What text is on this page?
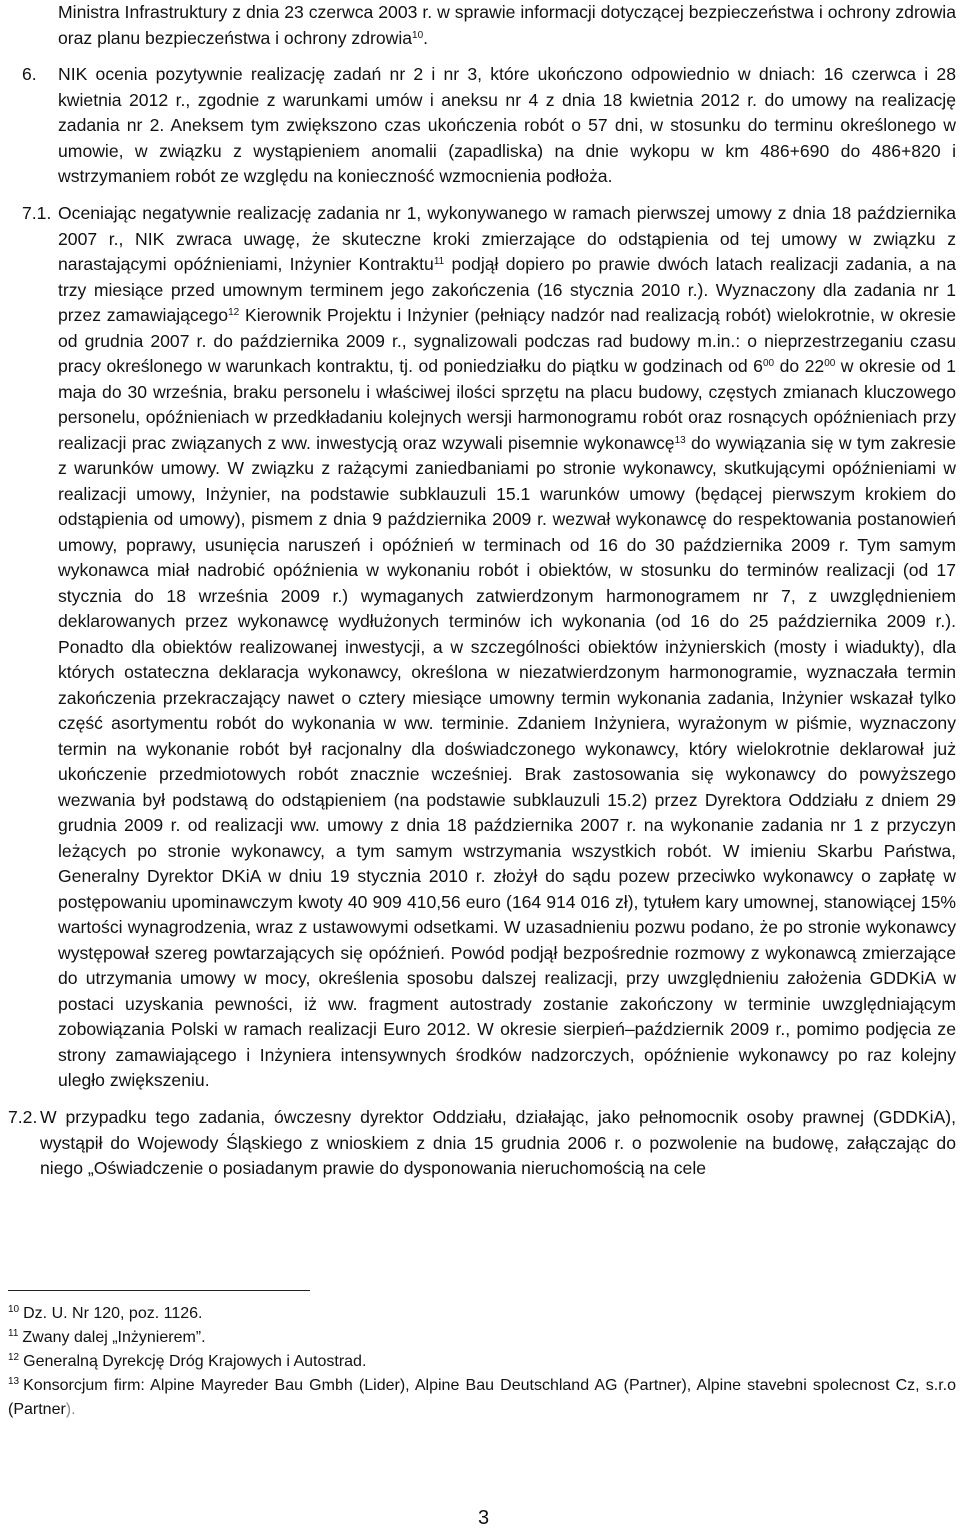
Ministra Infrastruktury z dnia 23 czerwca 2003 r. w sprawie informacji dotyczącej bezpieczeństwa i ochrony zdrowia oraz planu bezpieczeństwa i ochrony zdrowia$^{10}$.

6. NIK ocenia pozytywnie realizację zadań nr 2 i nr 3, które ukończono odpowiednio w dniach: 16 czerwca i 28 kwietnia 2012 r., zgodnie z warunkami umów i aneksu nr 4 z dnia 18 kwietnia 2012 r. do umowy na realizację zadania nr 2. Aneksem tym zwiększono czas ukończenia robót o 57 dni, w stosunku do terminu określonego w umowie, w związku z wystąpieniem anomalii (zapadliska) na dnie wykopu w km 486+690 do 486+820 i wstrzymaniem robót ze względu na konieczność wzmocnienia podłoża.

7.1. Oceniając negatywnie realizację zadania nr 1, wykonywanego w ramach pierwszej umowy z dnia 18 października 2007 r., NIK zwraca uwagę, że skuteczne kroki zmierzające do odstąpienia od tej umowy w związku z narastającymi opóźnieniami, Inżynier Kontraktu$^{11}$ podjął dopiero po prawie dwóch latach realizacji zadania, a na trzy miesiące przed umownym terminem jego zakończenia (16 stycznia 2010 r.). Wyznaczony dla zadania nr 1 przez zamawiającego$^{12}$ Kierownik Projektu i Inżynier (pełniący nadzór nad realizacją robót) wielokrotnie, w okresie od grudnia 2007 r. do października 2009 r., sygnalizowali podczas rad budowy m.in.: o nieprzestrzeganiu czasu pracy określonego w warunkach kontraktu, tj. od poniedziałku do piątku w godzinach od $6^{00}$ do $22^{00}$ w okresie od 1 maja do 30 września, braku personelu i właściwej ilości sprzętu na placu budowy, częstych zmianach kluczowego personelu, opóźnieniach w przedkładaniu kolejnych wersji harmonogramu robót oraz rosnących opóźnieniach przy realizacji prac związanych z ww. inwestycją oraz wzywali pisemnie wykonawcę$^{13}$ do wywiązania się w tym zakresie z warunków umowy. W związku z rażącymi zaniedbaniami po stronie wykonawcy, skutkującymi opóźnieniami w realizacji umowy, Inżynier, na podstawie subklauzuli 15.1 warunków umowy (będącej pierwszym krokiem do odstąpienia od umowy), pismem z dnia 9 października 2009 r. wezwał wykonawcę do respektowania postanowień umowy, poprawy, usunięcia naruszeń i opóźnień w terminach od 16 do 30 października 2009 r. Tym samym wykonawca miał nadrobić opóźnienia w wykonaniu robót i obiektów, w stosunku do terminów realizacji (od 17 stycznia do 18 września 2009 r.) wymaganych zatwierdzonym harmonogramem nr 7, z uwzględnieniem deklarowanych przez wykonawcę wydłużonych terminów ich wykonania (od 16 do 25 października 2009 r.). Ponadto dla obiektów realizowanej inwestycji, a w szczególności obiektów inżynierskich (mosty i wiadukty), dla których ostateczna deklaracja wykonawcy, określona w niezatwierdzonym harmonogramie, wyznaczała termin zakończenia przekraczający nawet o cztery miesiące umowny termin wykonania zadania, Inżynier wskazał tylko część asortymentu robót do wykonania w ww. terminie. Zdaniem Inżyniera, wyrażonym w piśmie, wyznaczony termin na wykonanie robót był racjonalny dla doświadczonego wykonawcy, który wielokrotnie deklarował już ukończenie przedmiotowych robót znacznie wcześniej. Brak zastosowania się wykonawcy do powyższego wezwania był podstawą do odstąpieniem (na podstawie subklauzuli 15.2) przez Dyrektora Oddziału z dniem 29 grudnia 2009 r. od realizacji ww. umowy z dnia 18 października 2007 r. na wykonanie zadania nr 1 z przyczyn leżących po stronie wykonawcy, a tym samym wstrzymania wszystkich robót. W imieniu Skarbu Państwa, Generalny Dyrektor DKiA w dniu 19 stycznia 2010 r. złożył do sądu pozew przeciwko wykonawcy o zapłatę w postępowaniu upominawczym kwoty 40 909 410,56 euro (164 914 016 zł), tytułem kary umownej, stanowiącej 15% wartości wynagrodzenia, wraz z ustawowymi odsetkami. W uzasadnieniu pozwu podano, że po stronie wykonawcy występował szereg powtarzających się opóźnień. Powód podjął bezpośrednie rozmowy z wykonawcą zmierzające do utrzymania umowy w mocy, określenia sposobu dalszej realizacji, przy uwzględnieniu założenia GDDKiA w postaci uzyskania pewności, iż ww. fragment autostrady zostanie zakończony w terminie uwzględniającym zobowiązania Polski w ramach realizacji Euro 2012. W okresie sierpień–październik 2009 r., pomimo podjęcia ze strony zamawiającego i Inżyniera intensywnych środków nadzorczych, opóźnienie wykonawcy po raz kolejny uległo zwiększeniu.

7.2. W przypadku tego zadania, ówczesny dyrektor Oddziału, działając, jako pełnomocnik osoby prawnej (GDDKiA), wystąpił do Wojewody Śląskiego z wnioskiem z dnia 15 grudnia 2006 r. o pozwolenie na budowę, załączając do niego „Oświadczenie o posiadanym prawie do dysponowania nieruchomością na cele

$^{10}$ Dz. U. Nr 120, poz. 1126.

$^{11}$ Zwany dalej „Inżynierem”.

$^{12}$ Generalną Dyrekcję Dróg Krajowych i Autostrad.

$^{13}$ Konsorcjum firm: Alpine Mayreder Bau Gmbh (Lider), Alpine Bau Deutschland AG (Partner), Alpine stavebni spolecnost Cz, s.r.o (Partner).

3
